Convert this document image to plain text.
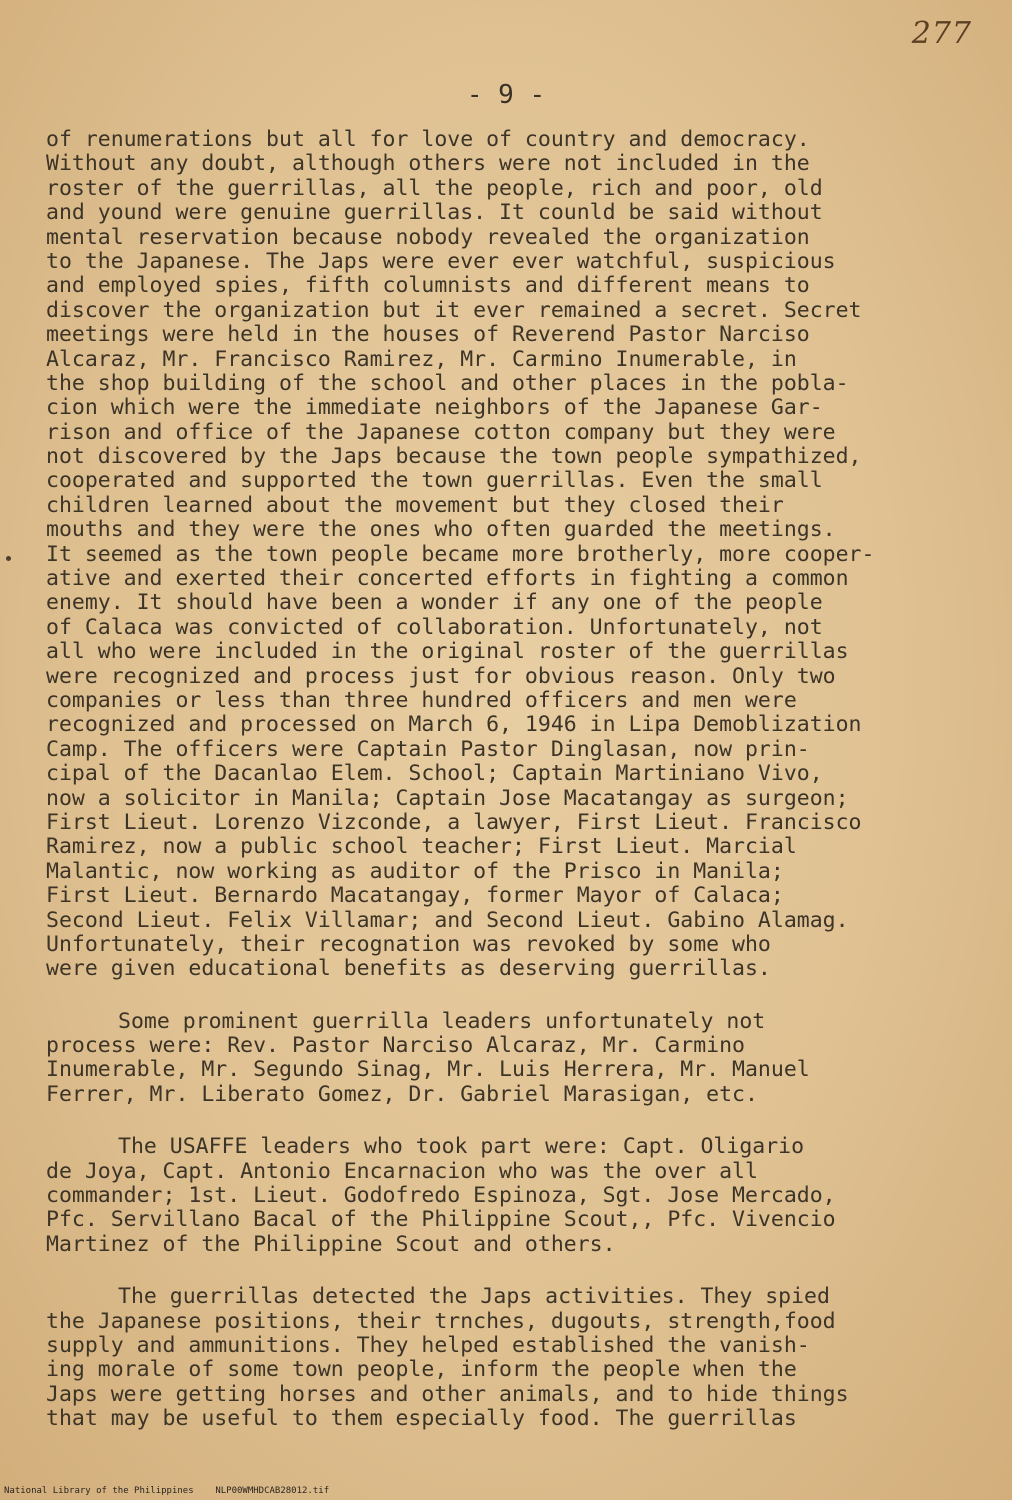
277
- 9 -
of renumerations but all for love of country and democracy.
Without any doubt, although others were not included in the
roster of the guerrillas, all the people, rich and poor, old
and yound were genuine guerrillas. It counld be said without
mental reservation because nobody revealed the organization
to the Japanese. The Japs were ever ever watchful, suspicious
and employed spies, fifth columnists and different means to
discover the organization but it ever remained a secret. Secret
meetings were held in the houses of Reverend Pastor Narciso
Alcaraz, Mr. Francisco Ramirez, Mr. Carmino Inumerable, in
the shop building of the school and other places in the pobla-
cion which were the immediate neighbors of the Japanese Gar-
rison and office of the Japanese cotton company but they were
not discovered by the Japs because the town people sympathized,
cooperated and supported the town guerrillas. Even the small
children learned about the movement but they closed their
mouths and they were the ones who often guarded the meetings.
It seemed as the town people became more brotherly, more cooper-
ative and exerted their concerted efforts in fighting a common
enemy. It should have been a wonder if any one of the people
of Calaca was convicted of collaboration. Unfortunately, not
all who were included in the original roster of the guerrillas
were recognized and process just for obvious reason. Only two
companies or less than three hundred officers and men were
recognized and processed on March 6, 1946 in Lipa Demoblization
Camp. The officers were Captain Pastor Dinglasan, now prin-
cipal of the Dacanlao Elem. School; Captain Martiniano Vivo,
now a solicitor in Manila; Captain Jose Macatangay as surgeon;
First Lieut. Lorenzo Vizconde, a lawyer, First Lieut. Francisco
Ramirez, now a public school teacher; First Lieut. Marcial
Malantic, now working as auditor of the Prisco in Manila;
First Lieut. Bernardo Macatangay, former Mayor of Calaca;
Second Lieut. Felix Villamar; and Second Lieut. Gabino Alamag.
Unfortunately, their recognation was revoked by some who
were given educational benefits as deserving guerrillas.
Some prominent guerrilla leaders unfortunately not
process were: Rev. Pastor Narciso Alcaraz, Mr. Carmino
Inumerable, Mr. Segundo Sinag, Mr. Luis Herrera, Mr. Manuel
Ferrer, Mr. Liberato Gomez, Dr. Gabriel Marasigan, etc.
The USAFFE leaders who took part were: Capt. Oligario
de Joya, Capt. Antonio Encarnacion who was the over all
commander; 1st. Lieut. Godofredo Espinoza, Sgt. Jose Mercado,
Pfc. Servillano Bacal of the Philippine Scout,, Pfc. Vivencio
Martinez of the Philippine Scout and others.
The guerrillas detected the Japs activities. They spied
the Japanese positions, their trnches, dugouts, strength,food
supply and ammunitions. They helped established the vanish-
ing morale of some town people, inform the people when the
Japs were getting horses and other animals, and to hide things
that may be useful to them especially food. The guerrillas
National Library of the Philippines    NLP00WMHDCAB28012.tif
